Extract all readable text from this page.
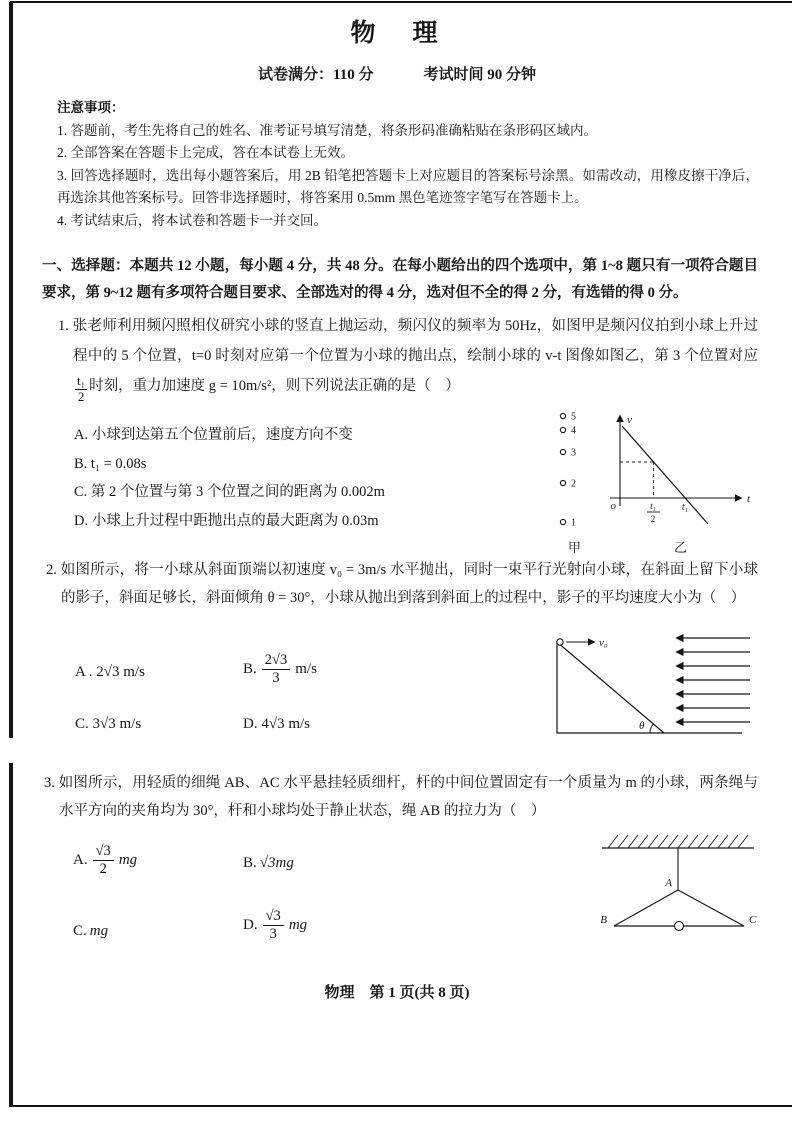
物　理
试卷满分：110 分	考试时间 90 分钟
注意事项：
1. 答题前，考生先将自己的姓名、准考证号填写清楚，将条形码准确粘贴在条形码区域内。
2. 全部答案在答题卡上完成，答在本试卷上无效。
3. 回答选择题时，选出每小题答案后，用 2B 铅笔把答题卡上对应题目的答案标号涂黑。如需改动，用橡皮擦干净后，再选涂其他答案标号。回答非选择题时，将答案用 0.5mm 黑色笔迹签字笔写在答题卡上。
4. 考试结束后，将本试卷和答题卡一并交回。
一、选择题：本题共 12 小题，每小题 4 分，共 48 分。在每小题给出的四个选项中，第 1~8 题只有一项符合题目要求，第 9~12 题有多项符合题目要求、全部选对的得 4 分，选对但不全的得 2 分，有选错的得 0 分。
1. 张老师利用频闪照相仪研究小球的竖直上抛运动，频闪仪的频率为 50Hz，如图甲是频闪仪拍到小球上升过程中的 5 个位置，t=0 时刻对应第一个位置为小球的抛出点，绘制小球的 v-t 图像如图乙，第 3 个位置对应
$\frac{\text{t₁}}{2}$ 时刻，重力加速度 g = 10m/s²，则下列说法正确的是（　）
A. 小球到达第五个位置前后，速度方向不变
B. t₁ = 0.08s
C. 第 2 个位置与第 3 个位置之间的距离为 0.002m
D. 小球上升过程中距抛出点的最大距离为 0.03m
5
4
3
2
1
v
t
o	t₁
2
t₁
甲	乙
2. 如图所示，将一小球从斜面顶端以初速度 v₀ = 3m/s 水平抛出，同时一束平行光射向小球，在斜面上留下小球的影子，斜面足够长，斜面倾角 θ = 30°，小球从抛出到落到斜面上的过程中，影子的平均速度大小为（　）
A . 2√3 m/s	B. $\frac{2√3}{3} m/s$
C. 3√3 m/s	D. 4√3 m/s	θ
v₀
3. 如图所示，用轻质的细绳 AB、AC 水平悬挂轻质细杆，杆的中间位置固定有一个质量为 m 的小球，两条绳与水平方向的夹角均为 30°，杆和小球均处于静止状态，绳 AB 的拉力为（　）
A. $\frac{√3}{2}$ mg	B. √3mg
C. mg	D. $\frac{√3}{3}$ mg
A
B	C
物理　第 1 页(共 8 页)
